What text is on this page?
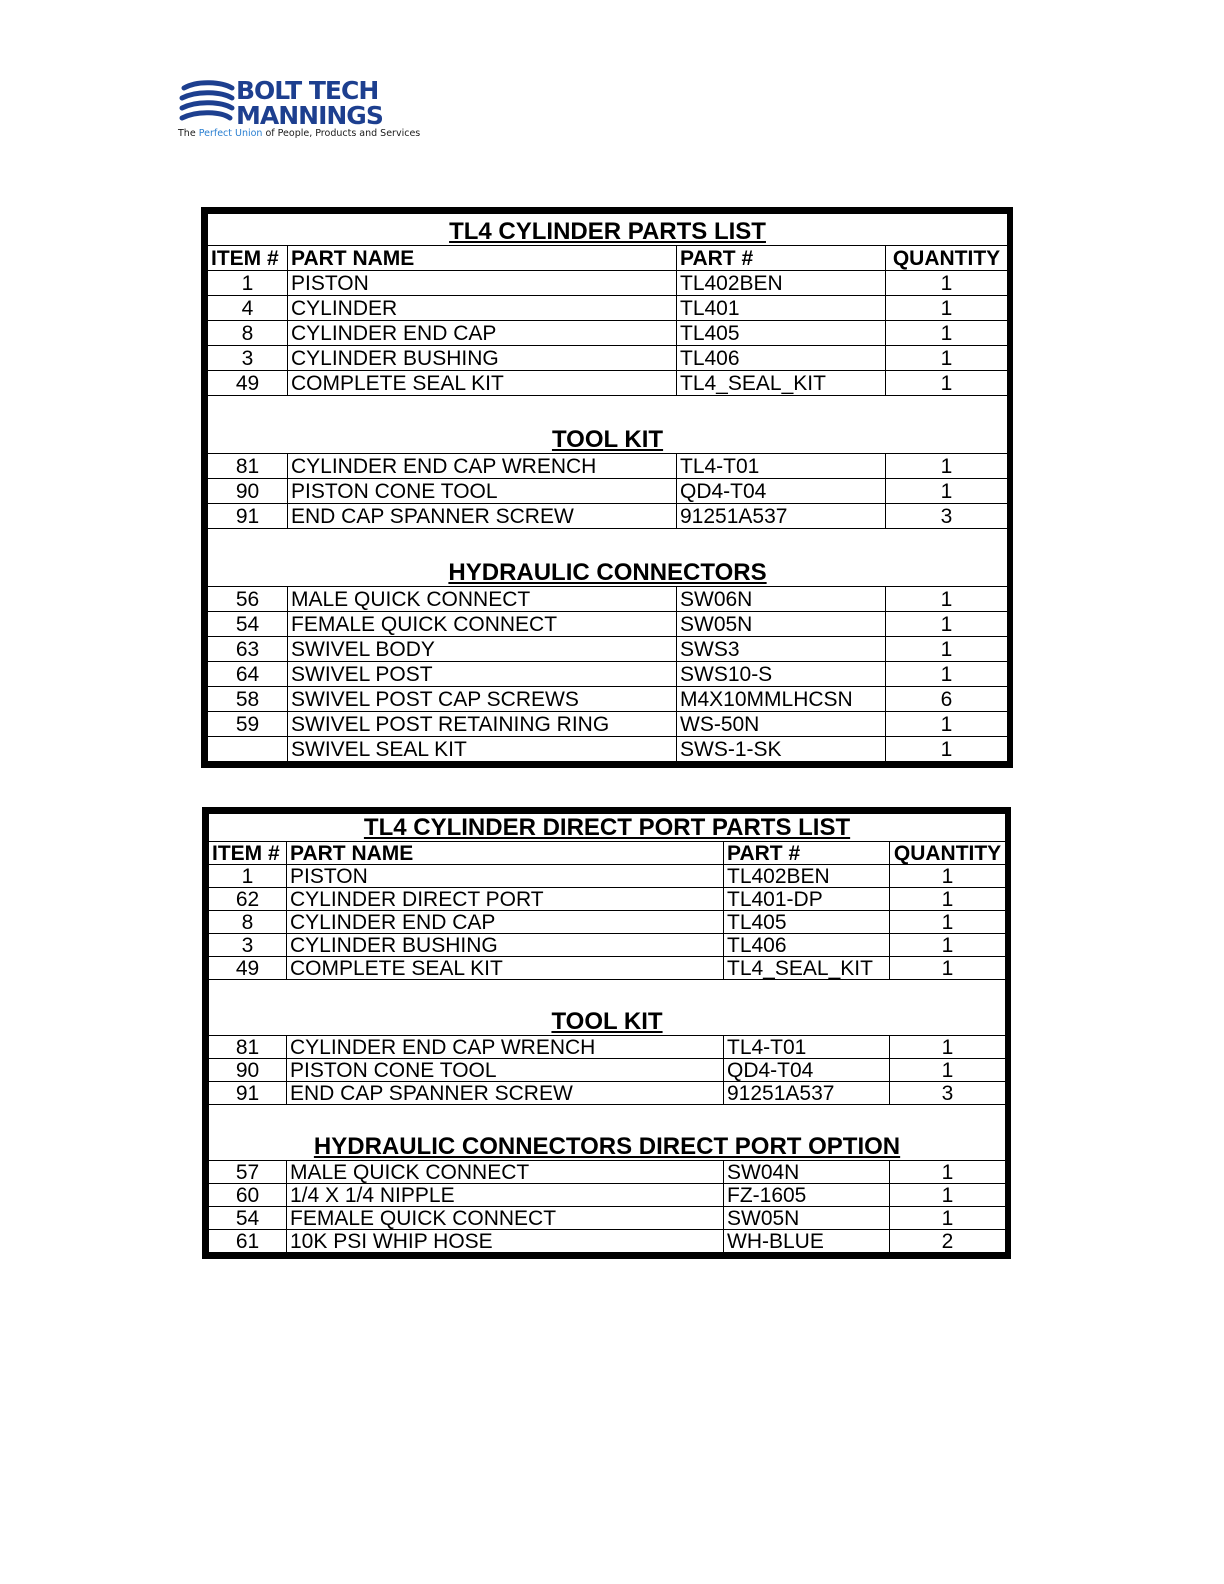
BOLT TECH
MANNINGS
The Perfect Union of People, Products and Services
TL4 CYLINDER PARTS LIST			
ITEM #	PART NAME	PART #	QUANTITY
1	PISTON	TL402BEN	1
4	CYLINDER	TL401	1
8	CYLINDER END CAP	TL405	1
3	CYLINDER BUSHING	TL406	1
49	COMPLETE SEAL KIT	TL4_SEAL_KIT	1
TOOL KIT			
81	CYLINDER END CAP WRENCH	TL4-T01	1
90	PISTON CONE TOOL	QD4-T04	1
91	END CAP SPANNER SCREW	91251A537	3
HYDRAULIC CONNECTORS			
56	MALE QUICK CONNECT	SW06N	1
54	FEMALE QUICK CONNECT	SW05N	1
63	SWIVEL BODY	SWS3	1
64	SWIVEL POST	SWS10-S	1
58	SWIVEL POST CAP SCREWS	M4X10MMLHCSN	6
59	SWIVEL POST RETAINING RING	WS-50N	1
	SWIVEL SEAL KIT	SWS-1-SK	1
TL4 CYLINDER DIRECT PORT PARTS LIST			
ITEM #	PART NAME	PART #	QUANTITY
1	PISTON	TL402BEN	1
62	CYLINDER DIRECT PORT	TL401-DP	1
8	CYLINDER END CAP	TL405	1
3	CYLINDER BUSHING	TL406	1
49	COMPLETE SEAL KIT	TL4_SEAL_KIT	1
TOOL KIT			
81	CYLINDER END CAP WRENCH	TL4-T01	1
90	PISTON CONE TOOL	QD4-T04	1
91	END CAP SPANNER SCREW	91251A537	3
HYDRAULIC CONNECTORS DIRECT PORT OPTION			
57	MALE QUICK CONNECT	SW04N	1
60	1/4 X 1/4 NIPPLE	FZ-1605	1
54	FEMALE QUICK CONNECT	SW05N	1
61	10K PSI WHIP HOSE	WH-BLUE	2
